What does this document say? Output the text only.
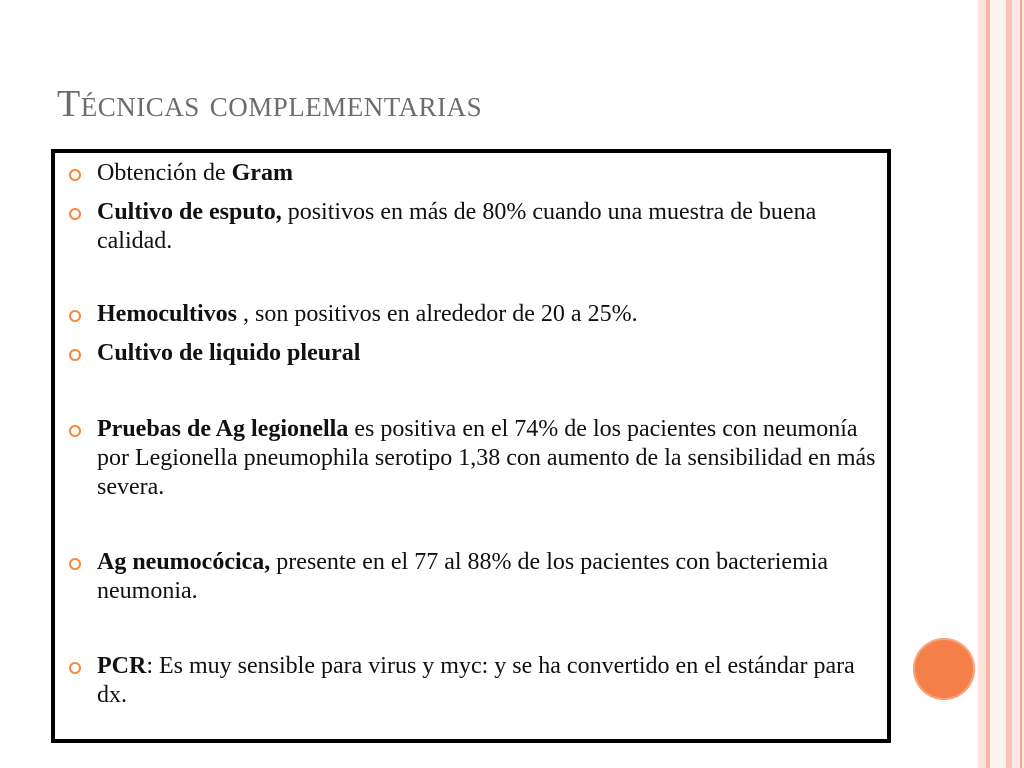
Técnicas complementarias
Obtención de Gram
Cultivo de esputo, positivos en más de 80% cuando una muestra de buena calidad.
Hemocultivos , son positivos en alrededor de 20 a 25%.
Cultivo de liquido pleural
Pruebas de Ag legionella es positiva en el 74% de los pacientes con neumonía por Legionella pneumophila serotipo 1,38 con aumento de la sensibilidad en más severa.
Ag neumocócica, presente en el 77 al 88% de los pacientes con bacteriemia neumonia.
PCR: Es muy sensible para virus y myc: y se ha convertido en el estándar para dx.
